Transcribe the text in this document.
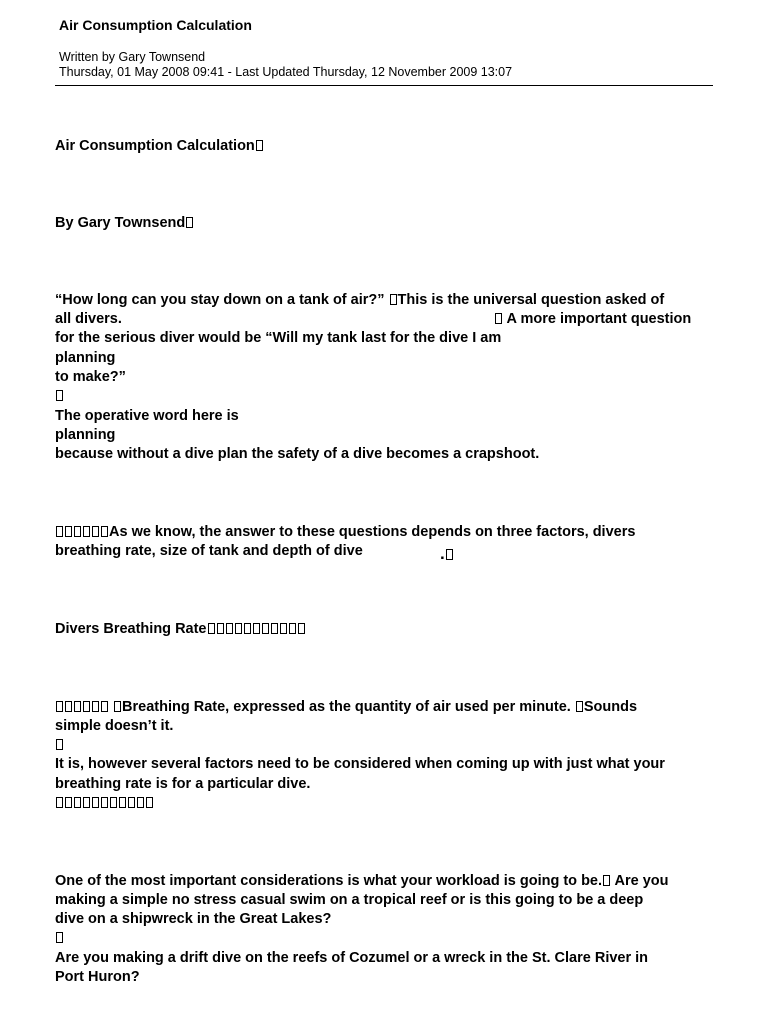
Air Consumption Calculation
Written by Gary Townsend
Thursday, 01 May 2008 09:41 - Last Updated Thursday, 12 November 2009 13:07
Air Consumption Calculation
By Gary Townsend
“How long can you stay down on a tank of air?” This is the universal question asked of
all divers.	A more important question
for the serious diver would be “Will my tank last for the dive I am
planning
to make?”
The operative word here is
planning
because without a dive plan the safety of a dive becomes a crapshoot.
As we know, the answer to these questions depends on three factors, divers
breathing rate, size of tank and depth of dive	.
Divers Breathing Rate
Breathing Rate, expressed as the quantity of air used per minute. Sounds
simple doesn’t it.
It is, however several factors need to be considered when coming up with just what your
breathing rate is for a particular dive.
One of the most important considerations is what your workload is going to be. Are you
making a simple no stress casual swim on a tropical reef or is this going to be a deep
dive on a shipwreck in the Great Lakes?
Are you making a drift dive on the reefs of Cozumel or a wreck in the St. Clare River in
Port Huron?
